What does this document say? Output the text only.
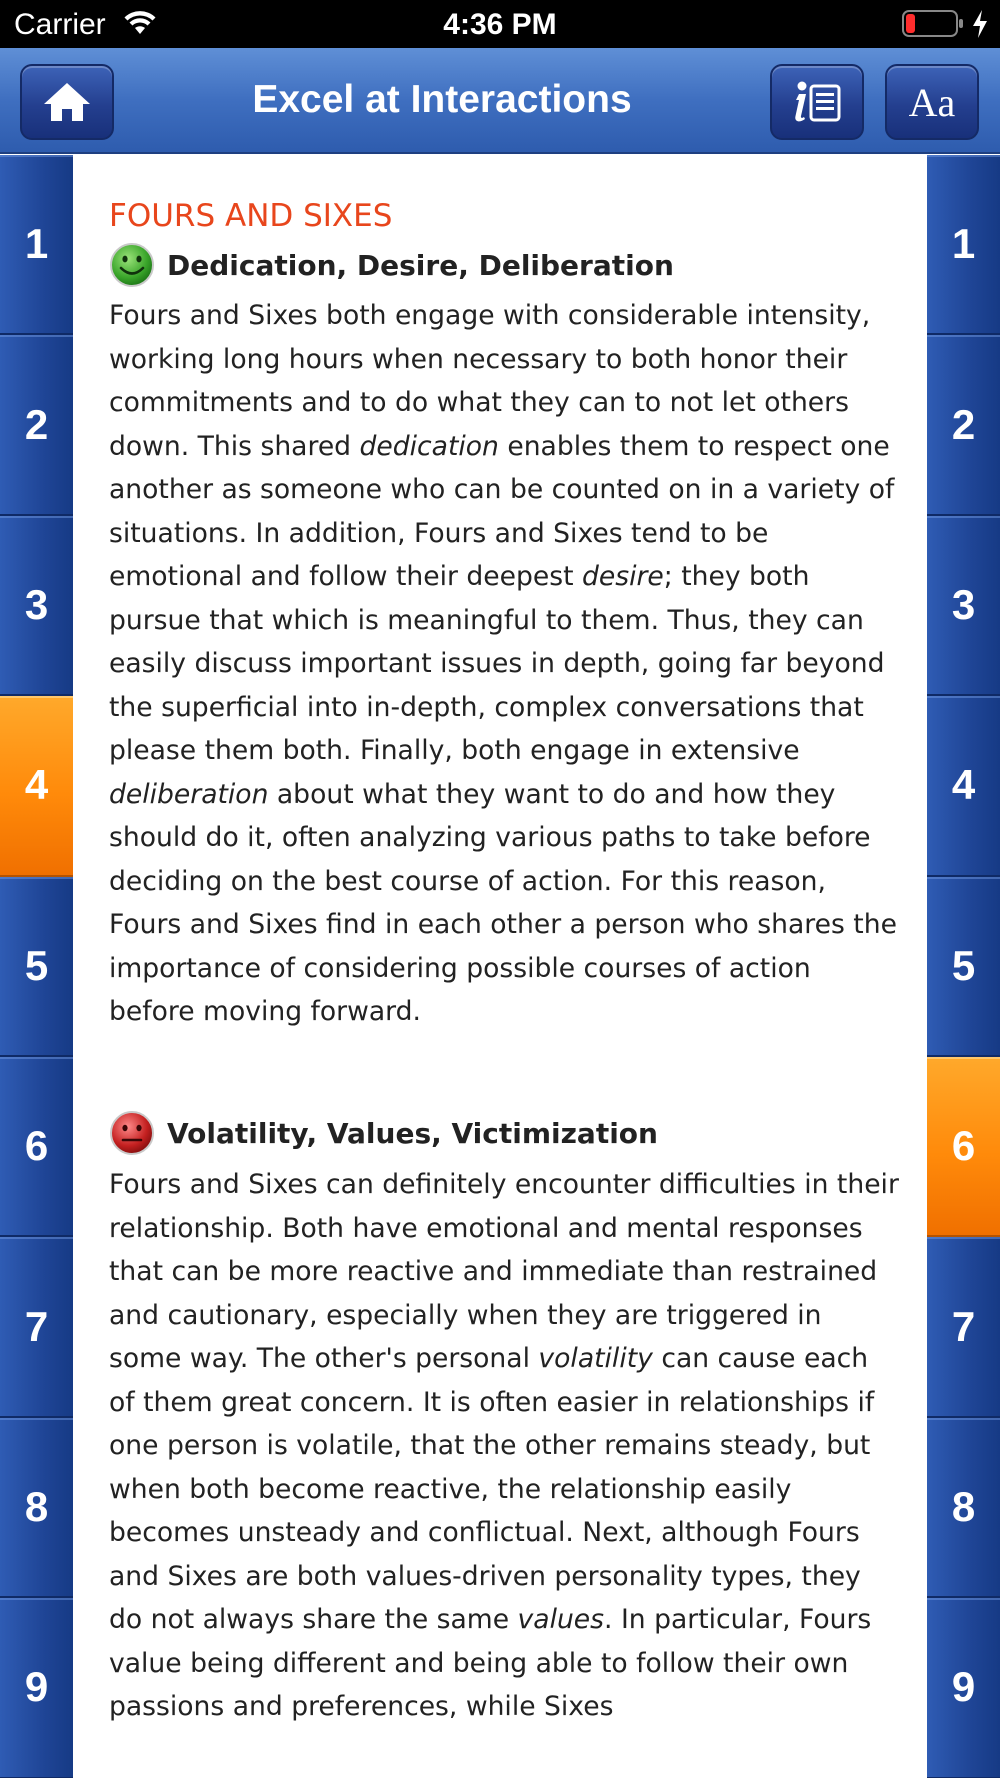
Carrier	4:36 PM
Excel at Interactions	Aa
1
2
3
4
5
6
7
8
9
1
2
3
4
5
6
7
8
9
FOURS AND SIXES
Dedication, Desire, Deliberation
Fours and Sixes both engage with considerable intensity, working long hours when necessary to both honor their commitments and to do what they can to not let others down. This shared dedication enables them to respect one another as someone who can be counted on in a variety of situations. In addition, Fours and Sixes tend to be emotional and follow their deepest desire; they both pursue that which is meaningful to them. Thus, they can easily discuss important issues in depth, going far beyond the superficial into in-depth, complex conversations that please them both. Finally, both engage in extensive deliberation about what they want to do and how they should do it, often analyzing various paths to take before deciding on the best course of action. For this reason, Fours and Sixes find in each other a person who shares the importance of considering possible courses of action before moving forward.
Volatility, Values, Victimization
Fours and Sixes can definitely encounter difficulties in their relationship. Both have emotional and mental responses that can be more reactive and immediate than restrained and cautionary, especially when they are triggered in some way. The other's personal volatility can cause each of them great concern. It is often easier in relationships if one person is volatile, that the other remains steady, but when both become reactive, the relationship easily becomes unsteady and conflictual. Next, although Fours and Sixes are both values-driven personality types, they do not always share the same values. In particular, Fours value being different and being able to follow their own passions and preferences, while Sixes
